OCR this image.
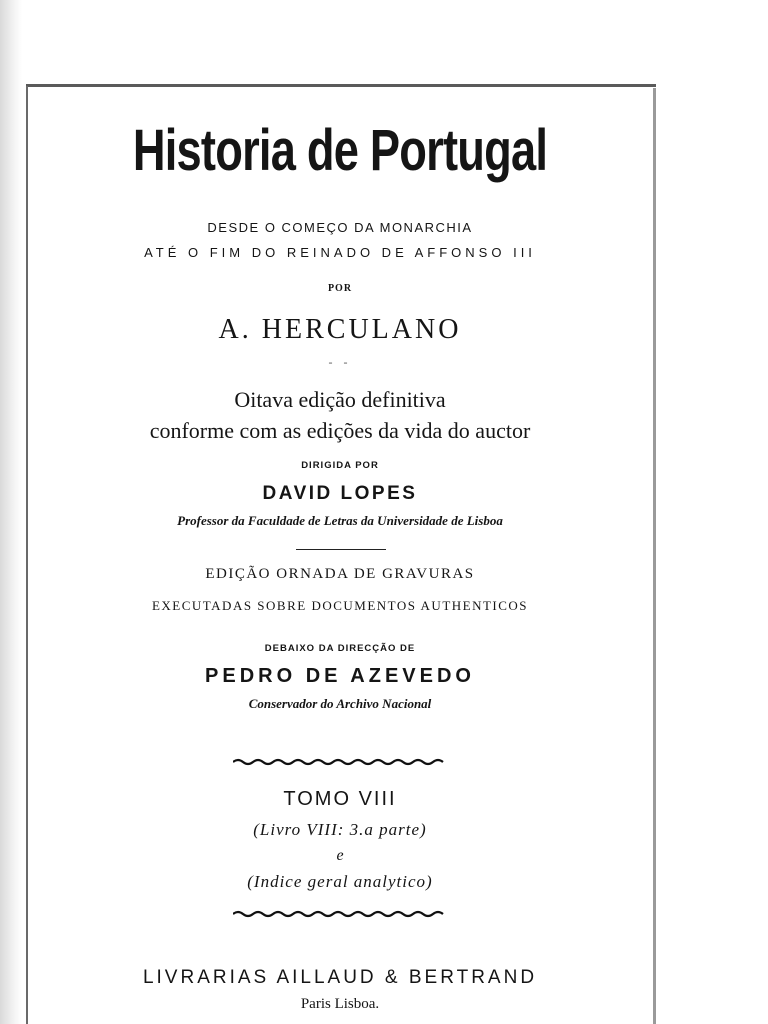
Historia de Portugal
DESDE O COMEÇO DA MONARCHIA
ATÉ O FIM DO REINADO DE AFFONSO III
POR
A. HERCULANO
- -
Oitava edição definitiva
conforme com as edições da vida do auctor
DIRIGIDA POR
DAVID LOPES
Professor da Faculdade de Letras da Universidade de Lisboa
EDIÇÃO ORNADA DE GRAVURAS
EXECUTADAS SOBRE DOCUMENTOS AUTHENTICOS
DEBAIXO DA DIRECÇÃO DE
PEDRO DE AZEVEDO
Conservador do Archivo Nacional
TOMO VIII
(Livro VIII: 3.a parte)
e
(Indice geral analytico)
LIVRARIAS AILLAUD & BERTRAND
Paris Lisboa.
